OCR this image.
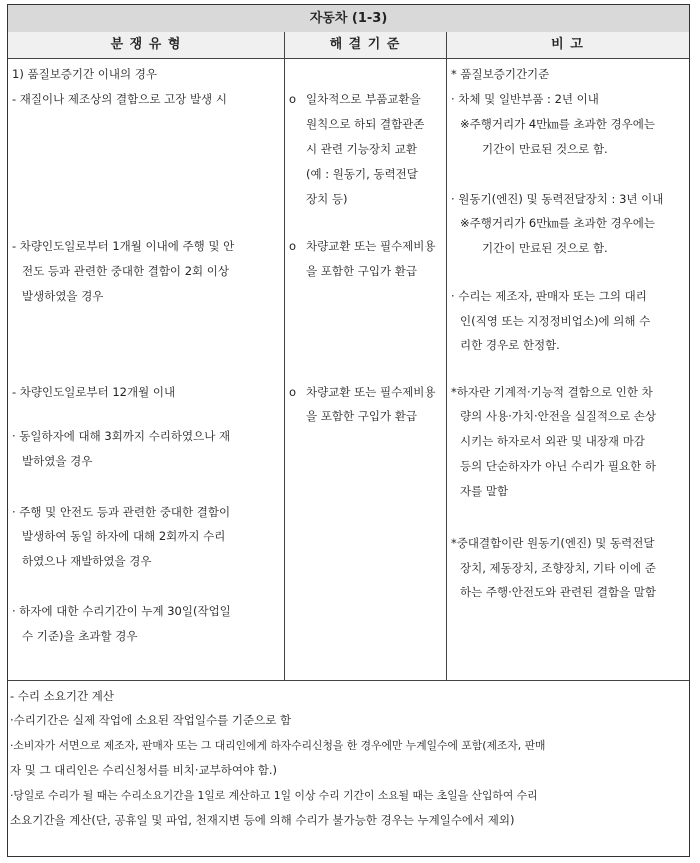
자동차 (1-3)
분 쟁 유 형	해 결 기 준	비 고
1) 품질보증기간 이내의 경우
- 재질이나 제조상의 결함으로 고장 발생 시
- 차량인도일로부터 1개월 이내에 주행 및 안
전도 등과 관련한 중대한 결함이 2회 이상
발생하였을 경우
- 차량인도일로부터 12개월 이내
· 동일하자에 대해 3회까지 수리하였으나 재
발하였을 경우
· 주행 및 안전도 등과 관련한 중대한 결함이
발생하여 동일 하자에 대해 2회까지 수리
하였으나 재발하였을 경우
· 하자에 대한 수리기간이 누계 30일(작업일
수 기준)을 초과할 경우
o 일차적으로 부품교환을
원칙으로 하되 결함관존
시 관련 기능장치 교환
(예 : 원동기, 동력전달
장치 등)
o 차량교환 또는 필수제비용
을 포함한 구입가 환급
o 차량교환 또는 필수제비용
을 포함한 구입가 환급
* 품질보증기간기준
· 차체 및 일반부품 : 2년 이내
※주행거리가 4만㎞를 초과한 경우에는
기간이 만료된 것으로 함.
· 원동기(엔진) 및 동력전달장치 : 3년 이내
※주행거리가 6만㎞를 초과한 경우에는
기간이 만료된 것으로 함.
· 수리는 제조자, 판매자 또는 그의 대리
인(직영 또는 지정정비업소)에 의해 수
리한 경우로 한정함.
*하자란 기계적·기능적 결함으로 인한 차
량의 사용·가치·안전을 실질적으로 손상
시키는 하자로서 외관 및 내장재 마감
등의 단순하자가 아닌 수리가 필요한 하
자를 말함
*중대결함이란 원동기(엔진) 및 동력전달
장치, 제동장치, 조향장치, 기타 이에 준
하는 주행·안전도와 관련된 결함을 말함
- 수리 소요기간 계산
·수리기간은 실제 작업에 소요된 작업일수를 기준으로 함
·소비자가 서면으로 제조자, 판매자 또는 그 대리인에게 하자수리신청을 한 경우에만 누계일수에 포함(제조자, 판매
자 및 그 대리인은 수리신청서를 비치·교부하여야 함.)
·당일로 수리가 될 때는 수리소요기간을 1일로 계산하고 1일 이상 수리 기간이 소요될 때는 초일을 산입하여 수리
소요기간을 계산(단, 공휴일 및 파업, 천재지변 등에 의해 수리가 불가능한 경우는 누계일수에서 제외)
